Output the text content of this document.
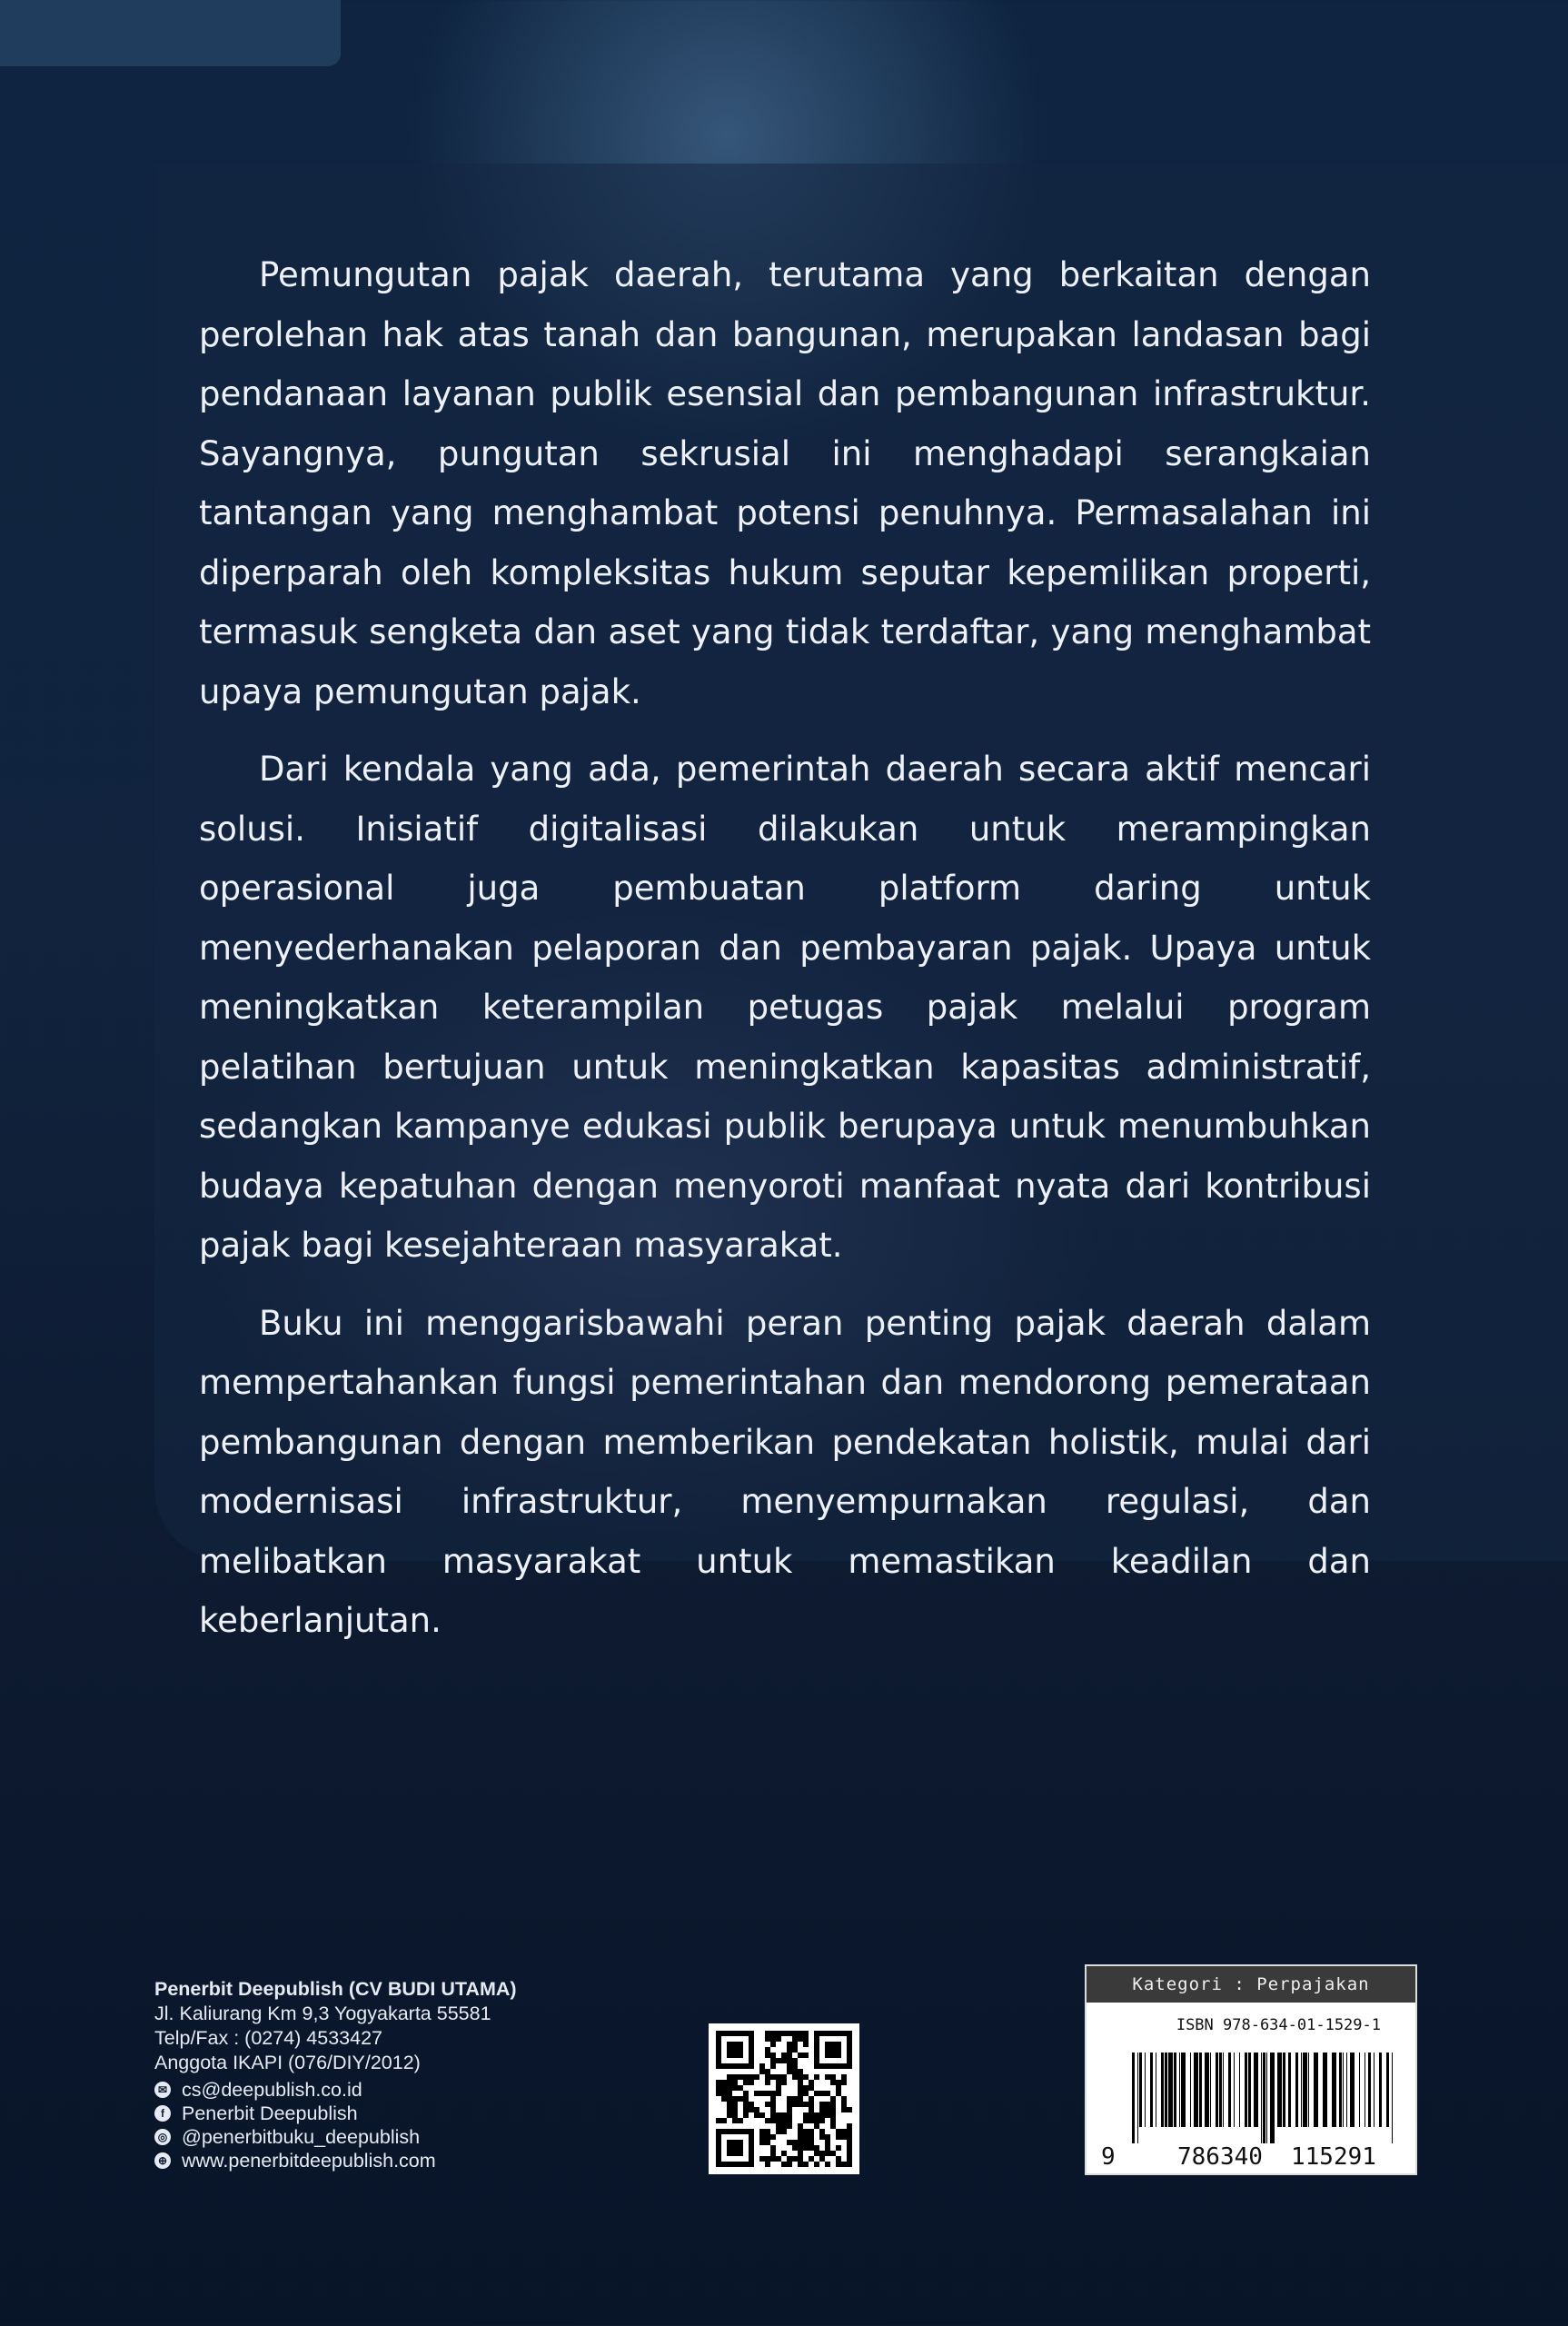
Pemungutan pajak daerah, terutama yang berkaitan dengan perolehan hak atas tanah dan bangunan, merupakan landasan bagi pendanaan layanan publik esensial dan pembangunan infrastruktur. Sayangnya, pungutan sekrusial ini menghadapi serangkaian tantangan yang menghambat potensi penuhnya. Permasalahan ini diperparah oleh kompleksitas hukum seputar kepemilikan properti, termasuk sengketa dan aset yang tidak terdaftar, yang menghambat upaya pemungutan pajak.

Dari kendala yang ada, pemerintah daerah secara aktif mencari solusi. Inisiatif digitalisasi dilakukan untuk merampingkan operasional juga pembuatan platform daring untuk menyederhanakan pelaporan dan pembayaran pajak. Upaya untuk meningkatkan keterampilan petugas pajak melalui program pelatihan bertujuan untuk meningkatkan kapasitas administratif, sedangkan kampanye edukasi publik berupaya untuk menumbuhkan budaya kepatuhan dengan menyoroti manfaat nyata dari kontribusi pajak bagi kesejahteraan masyarakat.

Buku ini menggarisbawahi peran penting pajak daerah dalam mempertahankan fungsi pemerintahan dan mendorong pemerataan pembangunan dengan memberikan pendekatan holistik, mulai dari modernisasi infrastruktur, menyempurnakan regulasi, dan melibatkan masyarakat untuk memastikan keadilan dan keberlanjutan.

Penerbit Deepublish (CV BUDI UTAMA)
Jl. Kaliurang Km 9,3 Yogyakarta 55581
Telp/Fax : (0274) 4533427
Anggota IKAPI (076/DIY/2012)
✉ cs@deepublish.co.id
f Penerbit Deepublish
◎ @penerbitbuku_deepublish
⊕ www.penerbitdeepublish.com
Kategori : Perpajakan
ISBN 978-634-01-1529-1
9	786340 115291
